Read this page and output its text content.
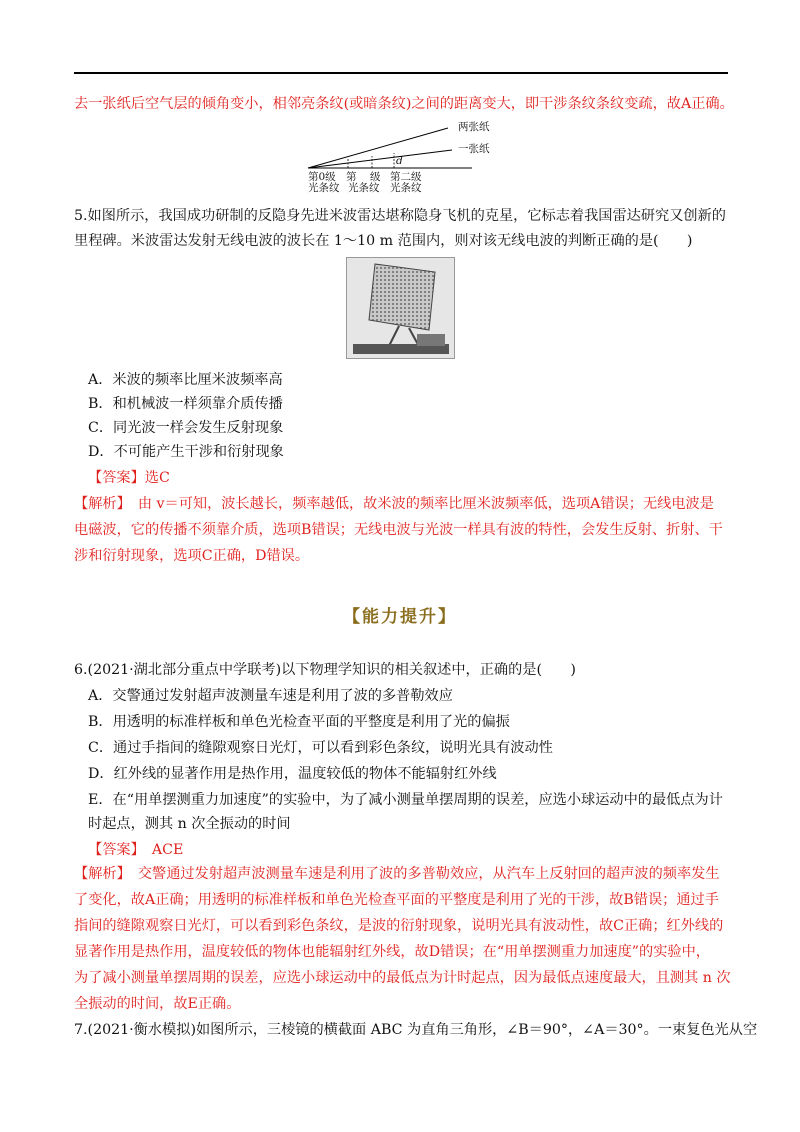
去一张纸后空气层的倾角变小，相邻亮条纹(或暗条纹)之间的距离变大，即干涉条纹条纹变疏，故A正确。
两张纸
一张纸
d
第0级 第 级 第二级
光条纹 光条纹 光条纹
5.如图所示，我国成功研制的反隐身先进米波雷达堪称隐身飞机的克星，它标志着我国雷达研究又创新的
里程碑。米波雷达发射无线电波的波长在 1～10 m 范围内，则对该无线电波的判断正确的是(　　)
A．米波的频率比厘米波频率高
B．和机械波一样须靠介质传播
C．同光波一样会发生反射现象
D．不可能产生干涉和衍射现象
【答案】选C
【解析】　由 v＝可知，波长越长，频率越低，故米波的频率比厘米波频率低，选项A错误；无线电波是
电磁波，它的传播不须靠介质，选项B错误；无线电波与光波一样具有波的特性，会发生反射、折射、干
涉和衍射现象，选项C正确，D错误。
【能力提升】
6.(2021·湖北部分重点中学联考)以下物理学知识的相关叙述中，正确的是(　　)
A．交警通过发射超声波测量车速是利用了波的多普勒效应
B．用透明的标准样板和单色光检查平面的平整度是利用了光的偏振
C．通过手指间的缝隙观察日光灯，可以看到彩色条纹，说明光具有波动性
D．红外线的显著作用是热作用，温度较低的物体不能辐射红外线
E．在“用单摆测重力加速度”的实验中，为了减小测量单摆周期的误差，应选小球运动中的最低点为计
时起点，测其 n 次全振动的时间
【答案】　ACE
【解析】　交警通过发射超声波测量车速是利用了波的多普勒效应，从汽车上反射回的超声波的频率发生
了变化，故A正确；用透明的标准样板和单色光检查平面的平整度是利用了光的干涉，故B错误；通过手
指间的缝隙观察日光灯，可以看到彩色条纹，是波的衍射现象，说明光具有波动性，故C正确；红外线的
显著作用是热作用，温度较低的物体也能辐射红外线，故D错误；在“用单摆测重力加速度”的实验中，
为了减小测量单摆周期的误差，应选小球运动中的最低点为计时起点，因为最低点速度最大，且测其 n 次
全振动的时间，故E正确。
7.(2021·衡水模拟)如图所示，三棱镜的横截面 ABC 为直角三角形，∠B＝90°，∠A＝30°。一束复色光从空
